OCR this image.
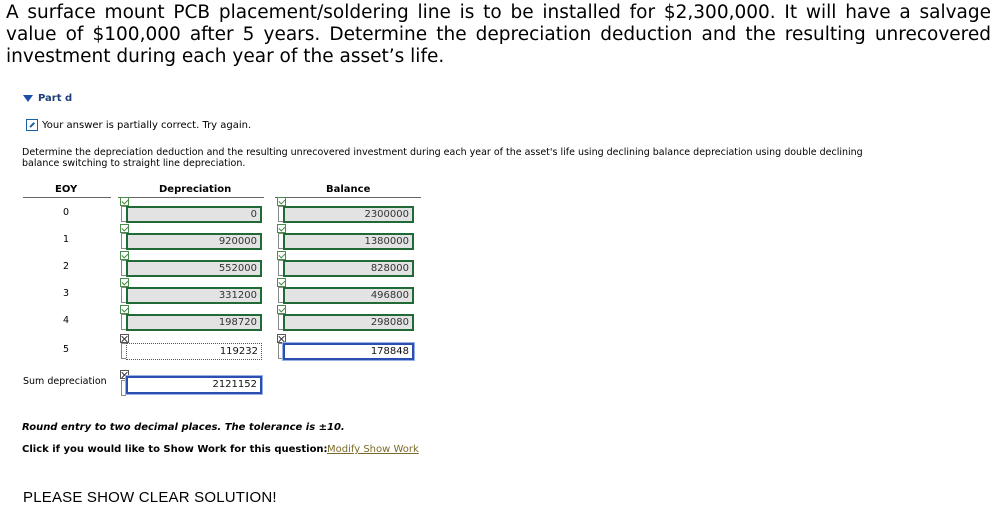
A surface mount PCB placement/soldering line is to be installed for $2,300,000. It will have a salvage value of $100,000 after 5 years. Determine the depreciation deduction and the resulting unrecovered investment during each year of the asset’s life.
Part d
Your answer is partially correct. Try again.
Determine the depreciation deduction and the resulting unrecovered investment during each year of the asset's life using declining balance depreciation using double declining balance switching to straight line depreciation.
EOY	Depreciation	Balance
0	0	2300000
1	920000	1380000
2	552000	828000
3	331200	496800
4	198720	298080
5	119232	178848
Sum depreciation	2121152
Round entry to two decimal places. The tolerance is ±10.
Click if you would like to Show Work for this question: Modify Show Work
PLEASE SHOW CLEAR SOLUTION!
